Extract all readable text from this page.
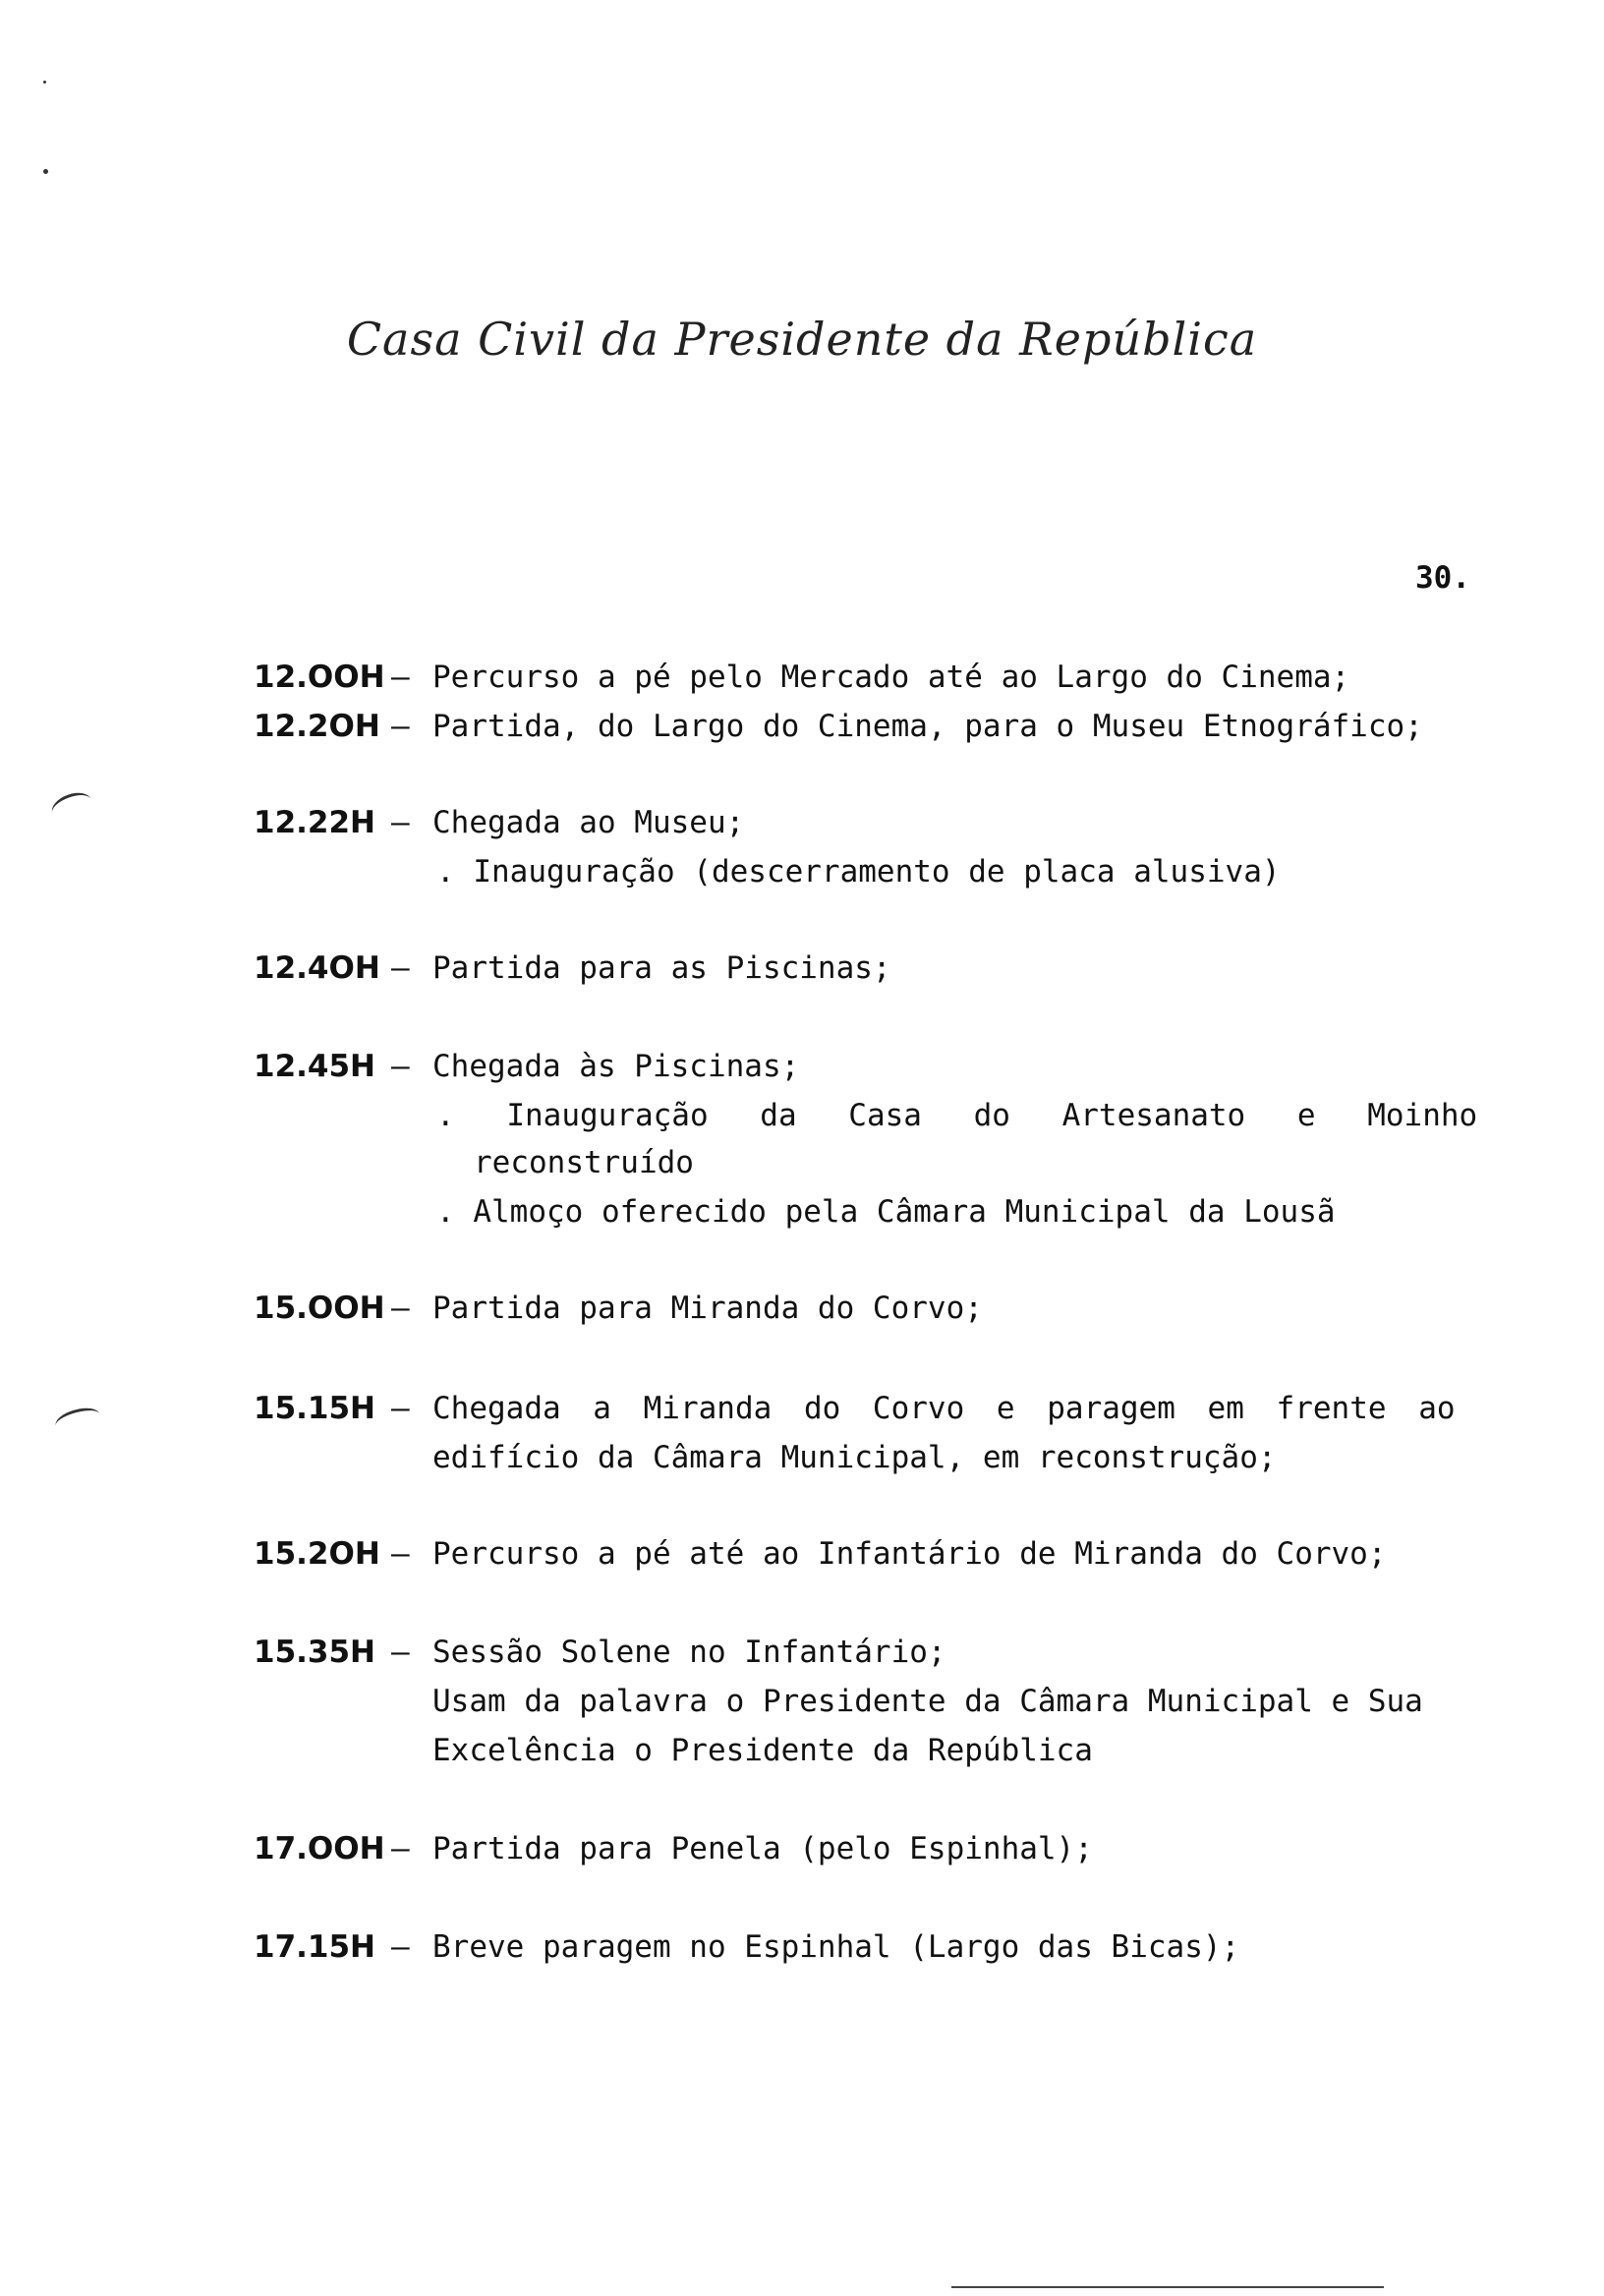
Casa Civil da Presidente da República
30.
12.OOH – Percurso a pé pelo Mercado até ao Largo do Cinema;
12.2OH – Partida, do Largo do Cinema, para o Museu Etnográfico;
12.22H – Chegada ao Museu;
. Inauguração (descerramento de placa alusiva)
12.4OH – Partida para as Piscinas;
12.45H – Chegada às Piscinas;
. Inauguração da Casa do Artesanato e Moinho
reconstruído
. Almoço oferecido pela Câmara Municipal da Lousã
15.OOH – Partida para Miranda do Corvo;
15.15H – Chegada a Miranda do Corvo e paragem em frente ao
edifício da Câmara Municipal, em reconstrução;
15.2OH – Percurso a pé até ao Infantário de Miranda do Corvo;
15.35H – Sessão Solene no Infantário;
Usam da palavra o Presidente da Câmara Municipal e Sua
Excelência o Presidente da República
17.OOH – Partida para Penela (pelo Espinhal);
17.15H – Breve paragem no Espinhal (Largo das Bicas);
